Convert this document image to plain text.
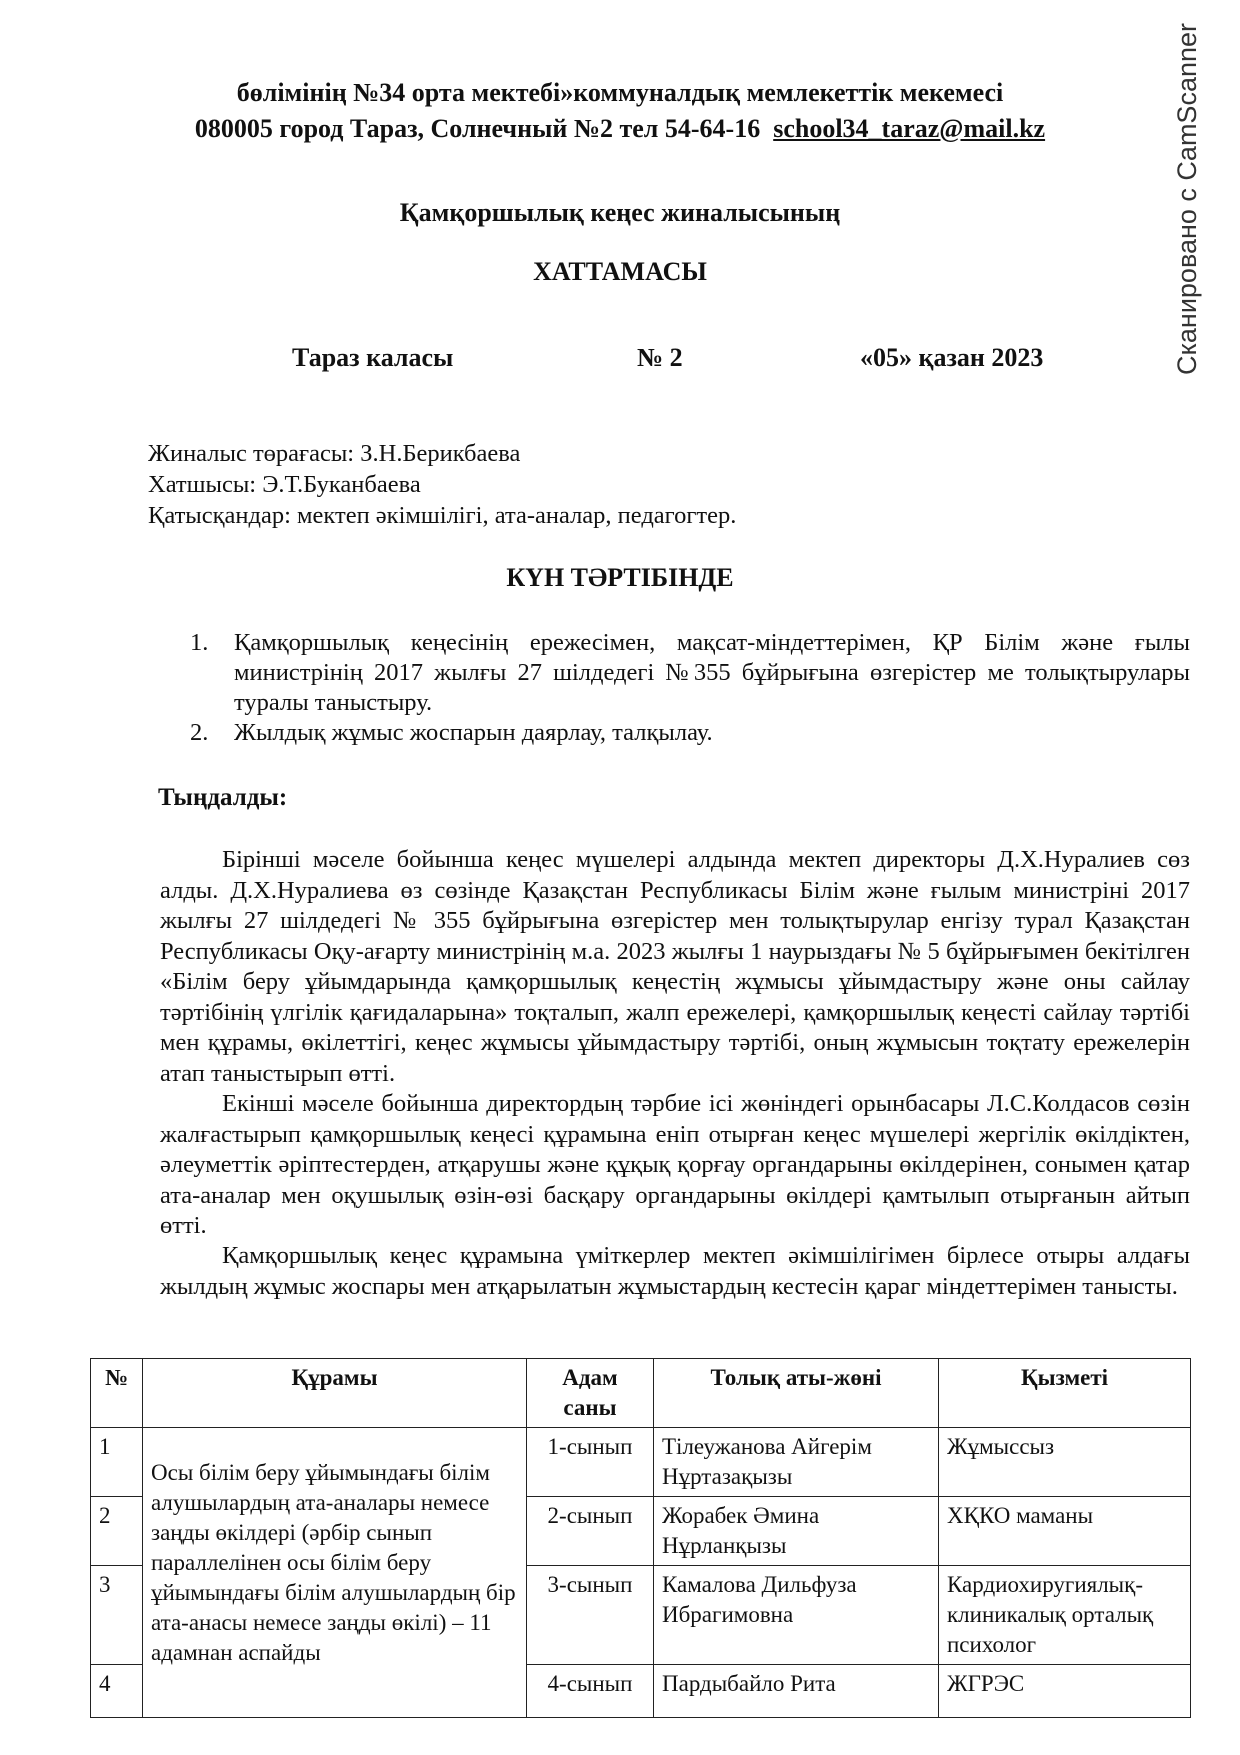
бөлімінің №34 орта мектебі»коммуналдық мемлекеттік мекемесі
080005 город Тараз, Солнечный №2 тел 54-64-16 school34_taraz@mail.kz	Сканировано с CamScanner
Қамқоршылық кеңес жиналысының
ХАТТАМАСЫ
Тараз каласы	№ 2	«05» қазан 2023
Жиналыс төрағасы: З.Н.Берикбаева
Хатшысы: Э.Т.Буканбаева
Қатысқандар: мектеп әкімшілігі, ата-аналар, педагогтер.
КҮН ТӘРТІБІНДЕ
1.	Қамқоршылық кеңесінің ережесімен, мақсат-міндеттерімен, ҚР Білім және ғылы министрінің 2017 жылғы 27 шілдедегі №355 бұйрығына өзгерістер ме толықтырулары туралы таныстыру.
2.	Жылдық жұмыс жоспарын даярлау, талқылау.
Тыңдалды:

Бірінші мәселе бойынша кеңес мүшелері алдында мектеп директоры Д.Х.Нуралиев сөз алды. Д.Х.Нуралиева өз сөзінде Қазақстан Республикасы Білім және ғылым министріні 2017 жылғы 27 шілдедегі № 355 бұйрығына өзгерістер мен толықтырулар енгізу турал Қазақстан Республикасы Оқу-ағарту министрінің м.а. 2023 жылғы 1 наурыздағы № 5 бұйрығымен бекітілген «Білім беру ұйымдарында қамқоршылық кеңестің жұмысы ұйымдастыру және оны сайлау тәртібінің үлгілік қағидаларына» тоқталып, жалп ережелері, қамқоршылық кеңесті сайлау тәртібі мен құрамы, өкілеттігі, кеңес жұмысы ұйымдастыру тәртібі, оның жұмысын тоқтату ережелерін атап таныстырып өтті.

Екінші мәселе бойынша директордың тәрбие ісі жөніндегі орынбасары Л.С.Колдасов сөзін жалғастырып қамқоршылық кеңесі құрамына еніп отырған кеңес мүшелері жергілік өкілдіктен, әлеуметтік әріптестерден, атқарушы және құқық қорғау органдарыны өкілдерінен, сонымен қатар ата-аналар мен оқушылық өзін-өзі басқару органдарыны өкілдері қамтылып отырғанын айтып өтті.

Қамқоршылық кеңес құрамына үміткерлер мектеп әкімшілігімен бірлесе отыры алдағы жылдың жұмыс жоспары мен атқарылатын жұмыстардың кестесін қараг міндеттерімен танысты.

№	Құрамы	Адам саны	Толық аты-жөні	Қызметі
1	Осы білім беру ұйымындағы білім алушылардың ата-аналары немесе заңды өкілдері (әрбір сынып параллелінен осы білім беру ұйымындағы білім алушылардың бір ата-анасы немесе заңды өкілі) – 11 адамнан аспайды	1-сынып	Тілеужанова Айгерім Нұртазақызы	Жұмыссыз
2		2-сынып	Жорабек Әмина Нұрланқызы	ХҚКО маманы
3		3-сынып	Камалова Дильфуза Ибрагимовна	Кардиохиругиялық-клиникалық орталық психолог
4		4-сынып	Пардыбайло Рита	ЖГРЭС
